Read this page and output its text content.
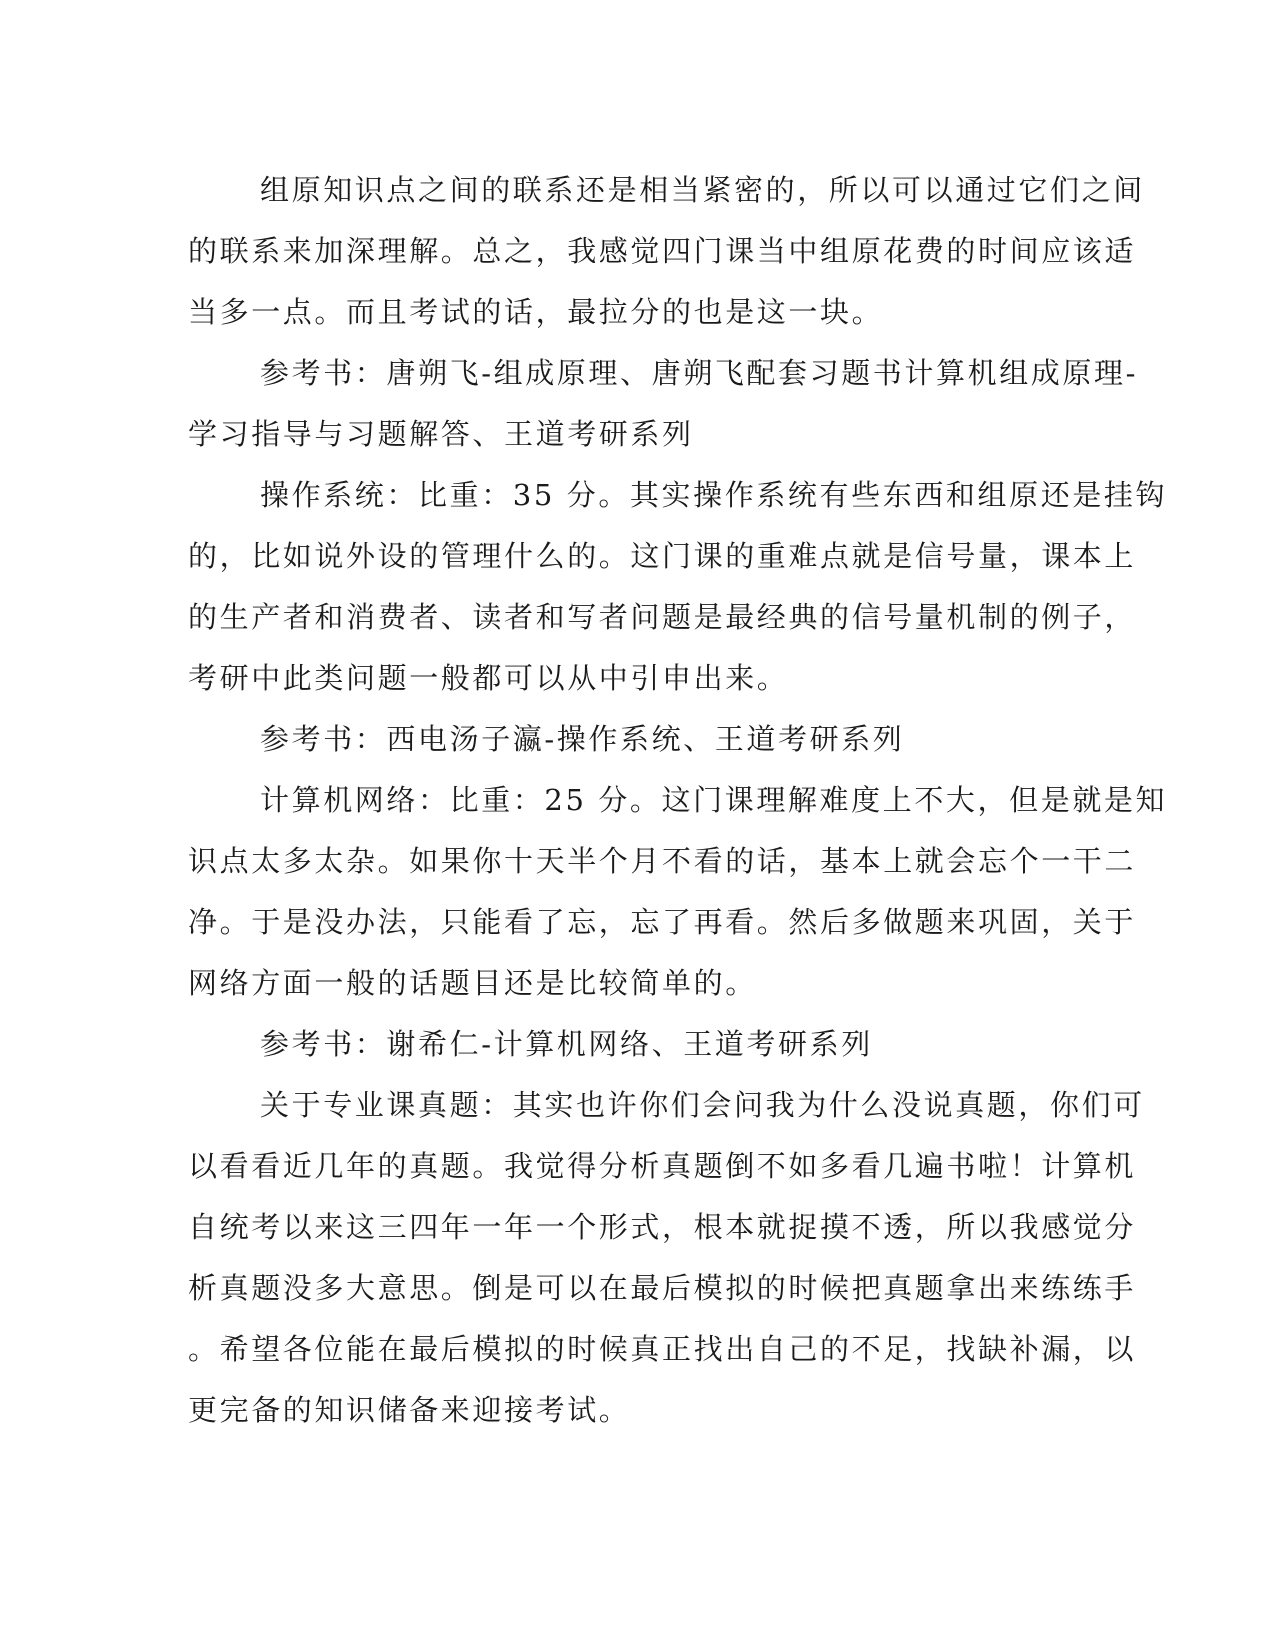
组原知识点之间的联系还是相当紧密的，所以可以通过它们之间
的联系来加深理解。总之，我感觉四门课当中组原花费的时间应该适
当多一点。而且考试的话，最拉分的也是这一块。
参考书：唐朔飞-组成原理、唐朔飞配套习题书计算机组成原理-
学习指导与习题解答、王道考研系列
操作系统：比重：35 分。其实操作系统有些东西和组原还是挂钩
的，比如说外设的管理什么的。这门课的重难点就是信号量，课本上
的生产者和消费者、读者和写者问题是最经典的信号量机制的例子，
考研中此类问题一般都可以从中引申出来。
参考书：西电汤子瀛-操作系统、王道考研系列
计算机网络：比重：25 分。这门课理解难度上不大，但是就是知
识点太多太杂。如果你十天半个月不看的话，基本上就会忘个一干二
净。于是没办法，只能看了忘，忘了再看。然后多做题来巩固，关于
网络方面一般的话题目还是比较简单的。
参考书：谢希仁-计算机网络、王道考研系列
关于专业课真题：其实也许你们会问我为什么没说真题，你们可
以看看近几年的真题。我觉得分析真题倒不如多看几遍书啦！计算机
自统考以来这三四年一年一个形式，根本就捉摸不透，所以我感觉分
析真题没多大意思。倒是可以在最后模拟的时候把真题拿出来练练手
。希望各位能在最后模拟的时候真正找出自己的不足，找缺补漏，以
更完备的知识储备来迎接考试。
